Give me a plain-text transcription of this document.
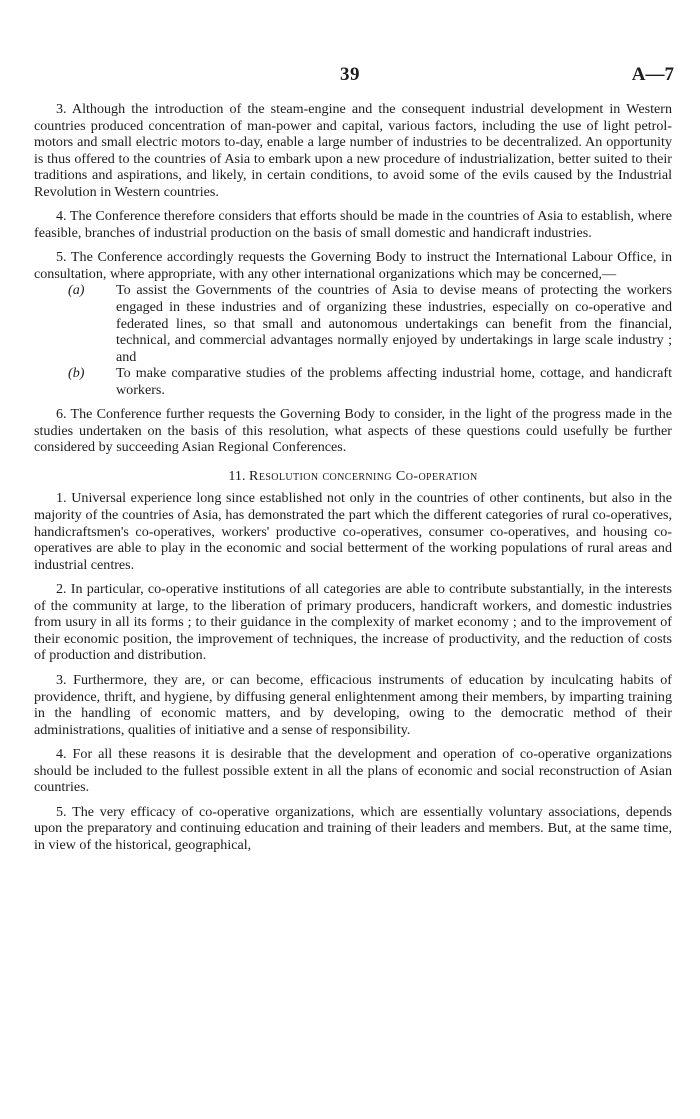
39	A—7

3. Although the introduction of the steam-engine and the consequent industrial development in Western countries produced concentration of man-power and capital, various factors, including the use of light petrol-motors and small electric motors to-day, enable a large number of industries to be decentralized. An opportunity is thus offered to the countries of Asia to embark upon a new procedure of industrialization, better suited to their traditions and aspirations, and likely, in certain conditions, to avoid some of the evils caused by the Industrial Revolution in Western countries.

4. The Conference therefore considers that efforts should be made in the countries of Asia to establish, where feasible, branches of industrial production on the basis of small domestic and handicraft industries.

5. The Conference accordingly requests the Governing Body to instruct the International Labour Office, in consultation, where appropriate, with any other international organizations which may be concerned,—

(a) To assist the Governments of the countries of Asia to devise means of protecting the workers engaged in these industries and of organizing these industries, especially on co-operative and federated lines, so that small and autonomous undertakings can benefit from the financial, technical, and commercial advantages normally enjoyed by undertakings in large scale industry ; and
(b) To make comparative studies of the problems affecting industrial home, cottage, and handicraft workers.

6. The Conference further requests the Governing Body to consider, in the light of the progress made in the studies undertaken on the basis of this resolution, what aspects of these questions could usefully be further considered by succeeding Asian Regional Conferences.

11. Resolution concerning Co-operation

1. Universal experience long since established not only in the countries of other continents, but also in the majority of the countries of Asia, has demonstrated the part which the different categories of rural co-operatives, handicraftsmen's co-operatives, workers' productive co-operatives, consumer co-operatives, and housing co-operatives are able to play in the economic and social betterment of the working populations of rural areas and industrial centres.

2. In particular, co-operative institutions of all categories are able to contribute substantially, in the interests of the community at large, to the liberation of primary producers, handicraft workers, and domestic industries from usury in all its forms ; to their guidance in the complexity of market economy ; and to the improvement of their economic position, the improvement of techniques, the increase of productivity, and the reduction of costs of production and distribution.

3. Furthermore, they are, or can become, efficacious instruments of education by inculcating habits of providence, thrift, and hygiene, by diffusing general enlightenment among their members, by imparting training in the handling of economic matters, and by developing, owing to the democratic method of their administrations, qualities of initiative and a sense of responsibility.

4. For all these reasons it is desirable that the development and operation of co-operative organizations should be included to the fullest possible extent in all the plans of economic and social reconstruction of Asian countries.

5. The very efficacy of co-operative organizations, which are essentially voluntary associations, depends upon the preparatory and continuing education and training of their leaders and members. But, at the same time, in view of the historical, geographical,
